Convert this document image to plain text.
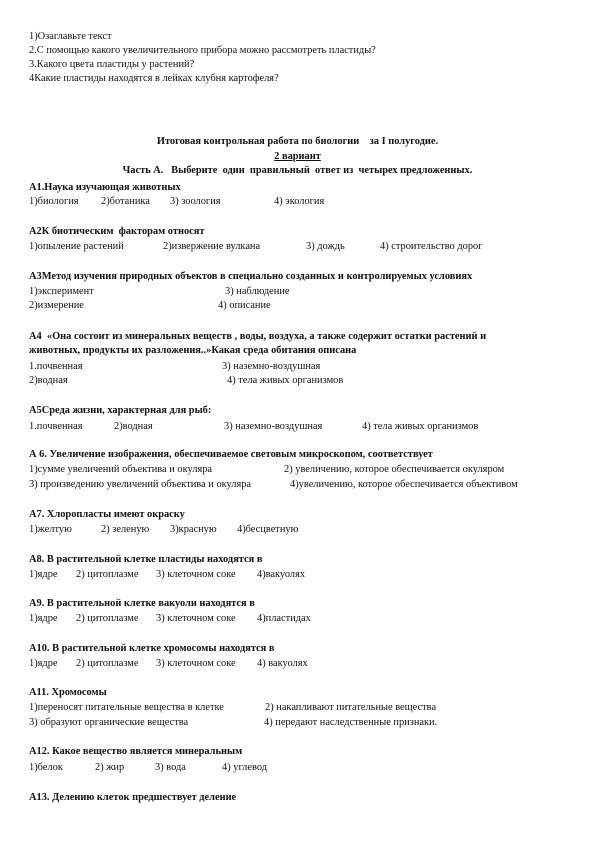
1)Озаглавьте текст
2.С помощью какого увеличительного прибора можно рассмотреть пластиды?
3.Какого цвета пластиды у растений?
4Какие пластиды находятся в лейках клубня картофеля?
Итоговая контрольная работа по биологии    за I полугодие.
2 вариант
Часть А.   Выберите  один  правильный  ответ из  четырех предложенных.
А1.Наука изучающая животных
1)биология 2)ботаника 3) зоология	4) экология
А2К биотическим  факторам относят
1)опыление растений	2)извержение вулкана	3) дождь	4) строительство дорог
А3Метод изучения природных объектов в специально созданных и контролируемых условиях
1)эксперимент	3) наблюдение
2)измерение	4) описание
А4  «Она состоит из минеральных веществ , воды, воздуха, а также содержит остатки растений и
животных, продукты их разложения..»Какая среда обитания описана
1.почвенная	3) наземно-воздушная
2)водная	4) тела живых организмов
А5Среда жизни, характерная для рыб:
1.почвенная	2)водная	3) наземно-воздушная	4) тела живых организмов
А 6. Увеличение изображения, обеспечиваемое световым микроскопом, соответствует
1)сумме увеличений объектива и окуляра	2) увеличению, которое обеспечивается окуляром
3) произведению увеличений объектива и окуляра	4)увеличению, которое обеспечивается объективом
А7. Хлоропласты имеют окраску
1)желтую	2) зеленую 3)красную 4)бесцветную
А8. В растительной клетке пластиды находятся в
1)ядре 2) цитоплазме 3) клеточном соке 4)вакуолях
А9. В растительной клетке вакуоли находятся в
1)ядре 2) цитоплазме 3) клеточном соке 4)пластидах
А10. В растительной клетке хромосомы находятся в
1)ядре 2) цитоплазме 3) клеточном соке 4) вакуолях
А11. Хромосомы
1)переносят питательные вещества в клетке	2) накапливают питательные вещества
3) образуют органические вещества	4) передают наследственные признаки.
А12. Какое вещество является минеральным
1)белок	2) жир	3) вода	4) углевод
А13. Делению клеток предшествует деление
